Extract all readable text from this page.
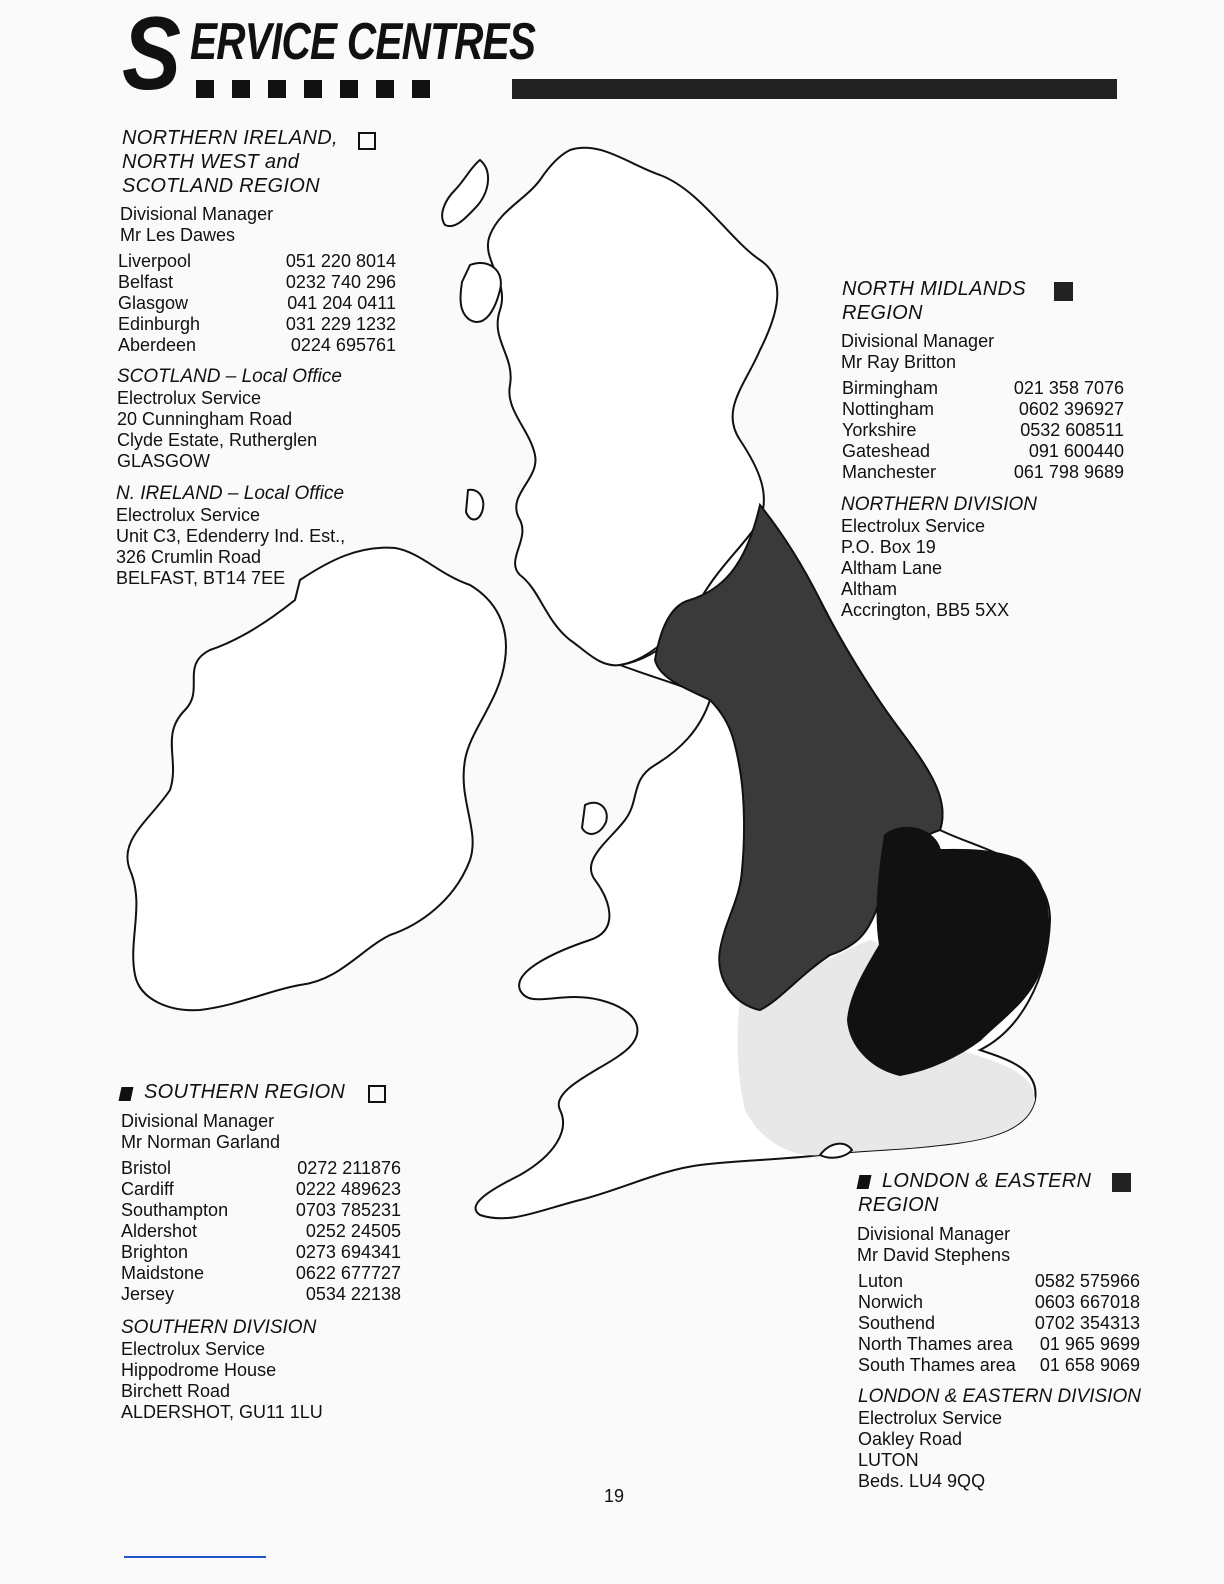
S ERVICE CENTRES
NORTHERN IRELAND,
NORTH WEST and
SCOTLAND REGION
Divisional Manager
Mr Les Dawes
Liverpool	051 220 8014
Belfast	0232 740 296
Glasgow	041 204 0411
Edinburgh	031 229 1232
Aberdeen	0224 695761
SCOTLAND – Local Office
Electrolux Service
20 Cunningham Road
Clyde Estate, Rutherglen
GLASGOW
N. IRELAND – Local Office
Electrolux Service
Unit C3, Edenderry Ind. Est.,
326 Crumlin Road
BELFAST, BT14 7EE
NORTH MIDLANDS
REGION
Divisional Manager
Mr Ray Britton
Birmingham	021 358 7076
Nottingham	0602 396927
Yorkshire	0532 608511
Gateshead	091 600440
Manchester	061 798 9689
NORTHERN DIVISION
Electrolux Service
P.O. Box 19
Altham Lane
Altham
Accrington, BB5 5XX
SOUTHERN REGION
Divisional Manager
Mr Norman Garland
Bristol	0272 211876
Cardiff	0222 489623
Southampton	0703 785231
Aldershot	0252 24505
Brighton	0273 694341
Maidstone	0622 677727
Jersey	0534 22138
SOUTHERN DIVISION
Electrolux Service
Hippodrome House
Birchett Road
ALDERSHOT, GU11 1LU
LONDON & EASTERN
REGION
Divisional Manager
Mr David Stephens
Luton	0582 575966
Norwich	0603 667018
Southend	0702 354313
North Thames area 01 965 9699
South Thames area 01 658 9069
LONDON & EASTERN DIVISION
Electrolux Service
Oakley Road
LUTON
Beds. LU4 9QQ
19
